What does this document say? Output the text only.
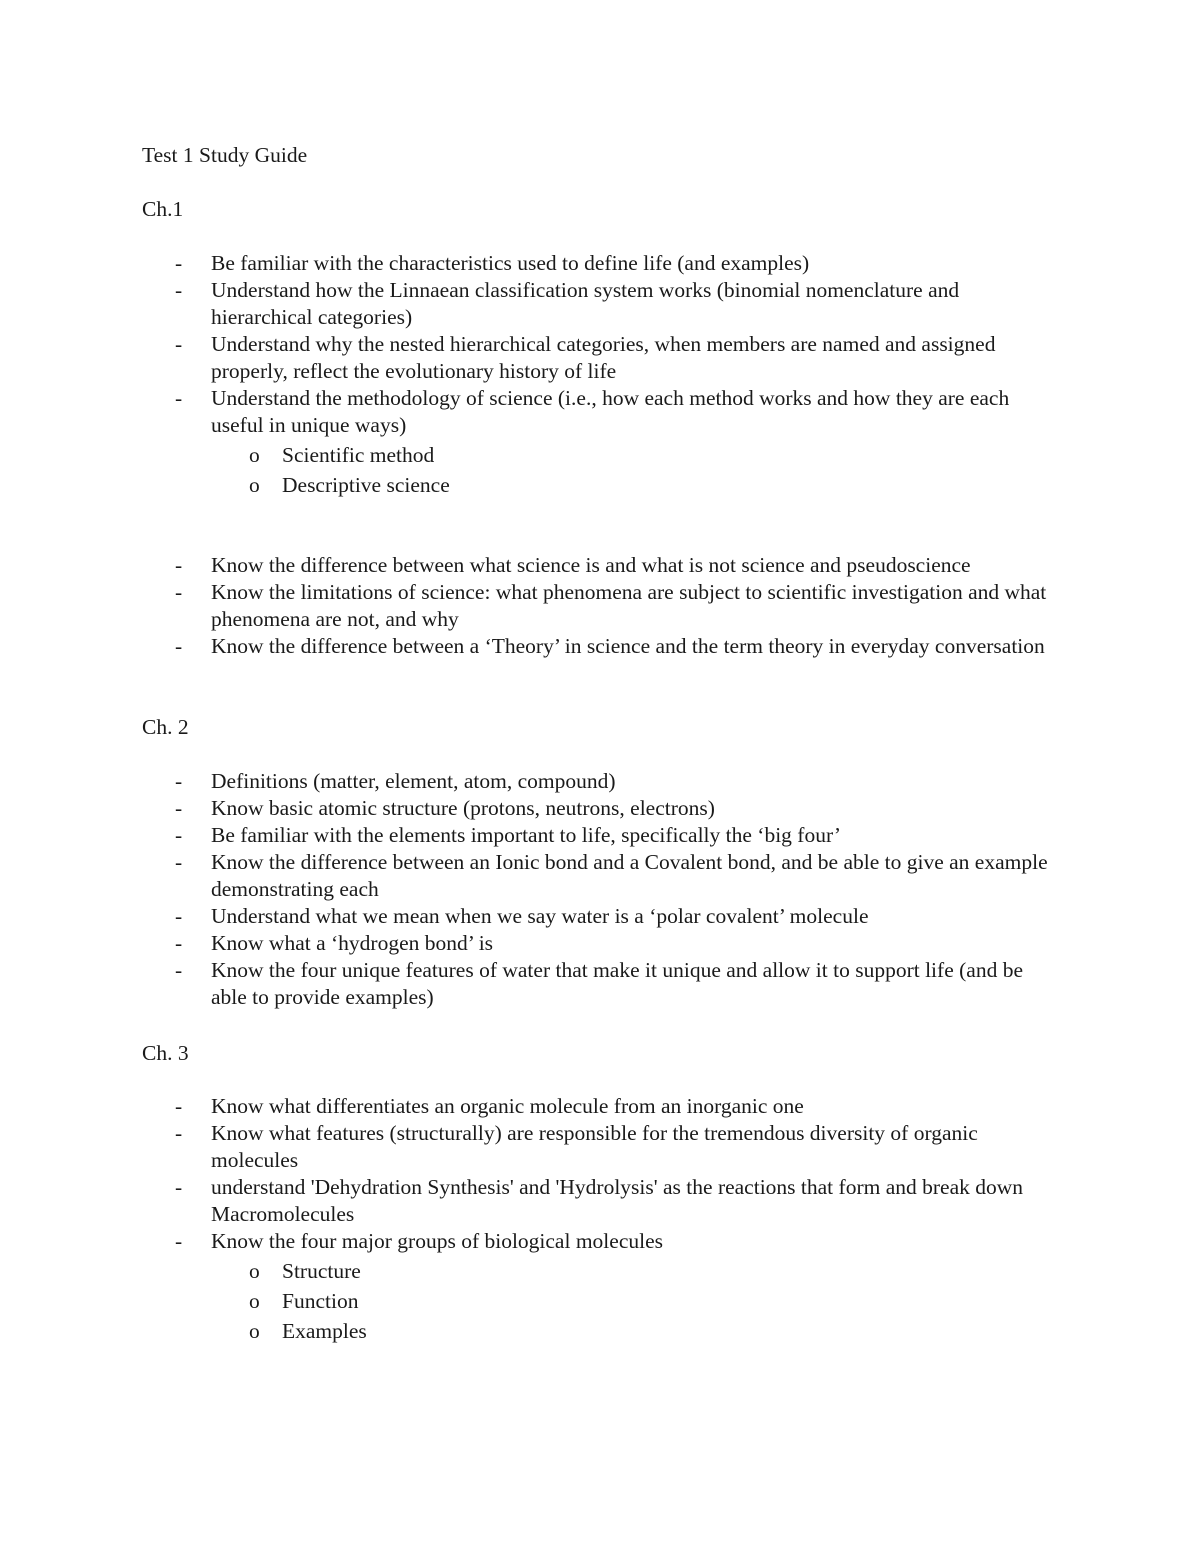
Test 1 Study Guide
Ch.1
- Be familiar with the characteristics used to define life (and examples)
- Understand how the Linnaean classification system works (binomial nomenclature and hierarchical categories)
- Understand why the nested hierarchical categories, when members are named and assigned properly, reflect the evolutionary history of life
- Understand the methodology of science (i.e., how each method works and how they are each useful in unique ways)
o Scientific method
o Descriptive science
- Know the difference between what science is and what is not science and pseudoscience
- Know the limitations of science: what phenomena are subject to scientific investigation and what phenomena are not, and why
- Know the difference between a ‘Theory’ in science and the term theory in everyday conversation
Ch. 2
- Definitions (matter, element, atom, compound)
- Know basic atomic structure (protons, neutrons, electrons)
- Be familiar with the elements important to life, specifically the ‘big four’
- Know the difference between an Ionic bond and a Covalent bond, and be able to give an example demonstrating each
- Understand what we mean when we say water is a ‘polar covalent’ molecule
- Know what a ‘hydrogen bond’ is
- Know the four unique features of water that make it unique and allow it to support life (and be able to provide examples)
Ch. 3
- Know what differentiates an organic molecule from an inorganic one
- Know what features (structurally) are responsible for the tremendous diversity of organic molecules
- understand 'Dehydration Synthesis' and 'Hydrolysis' as the reactions that form and break down Macromolecules
- Know the four major groups of biological molecules
o Structure
o Function
o Examples
